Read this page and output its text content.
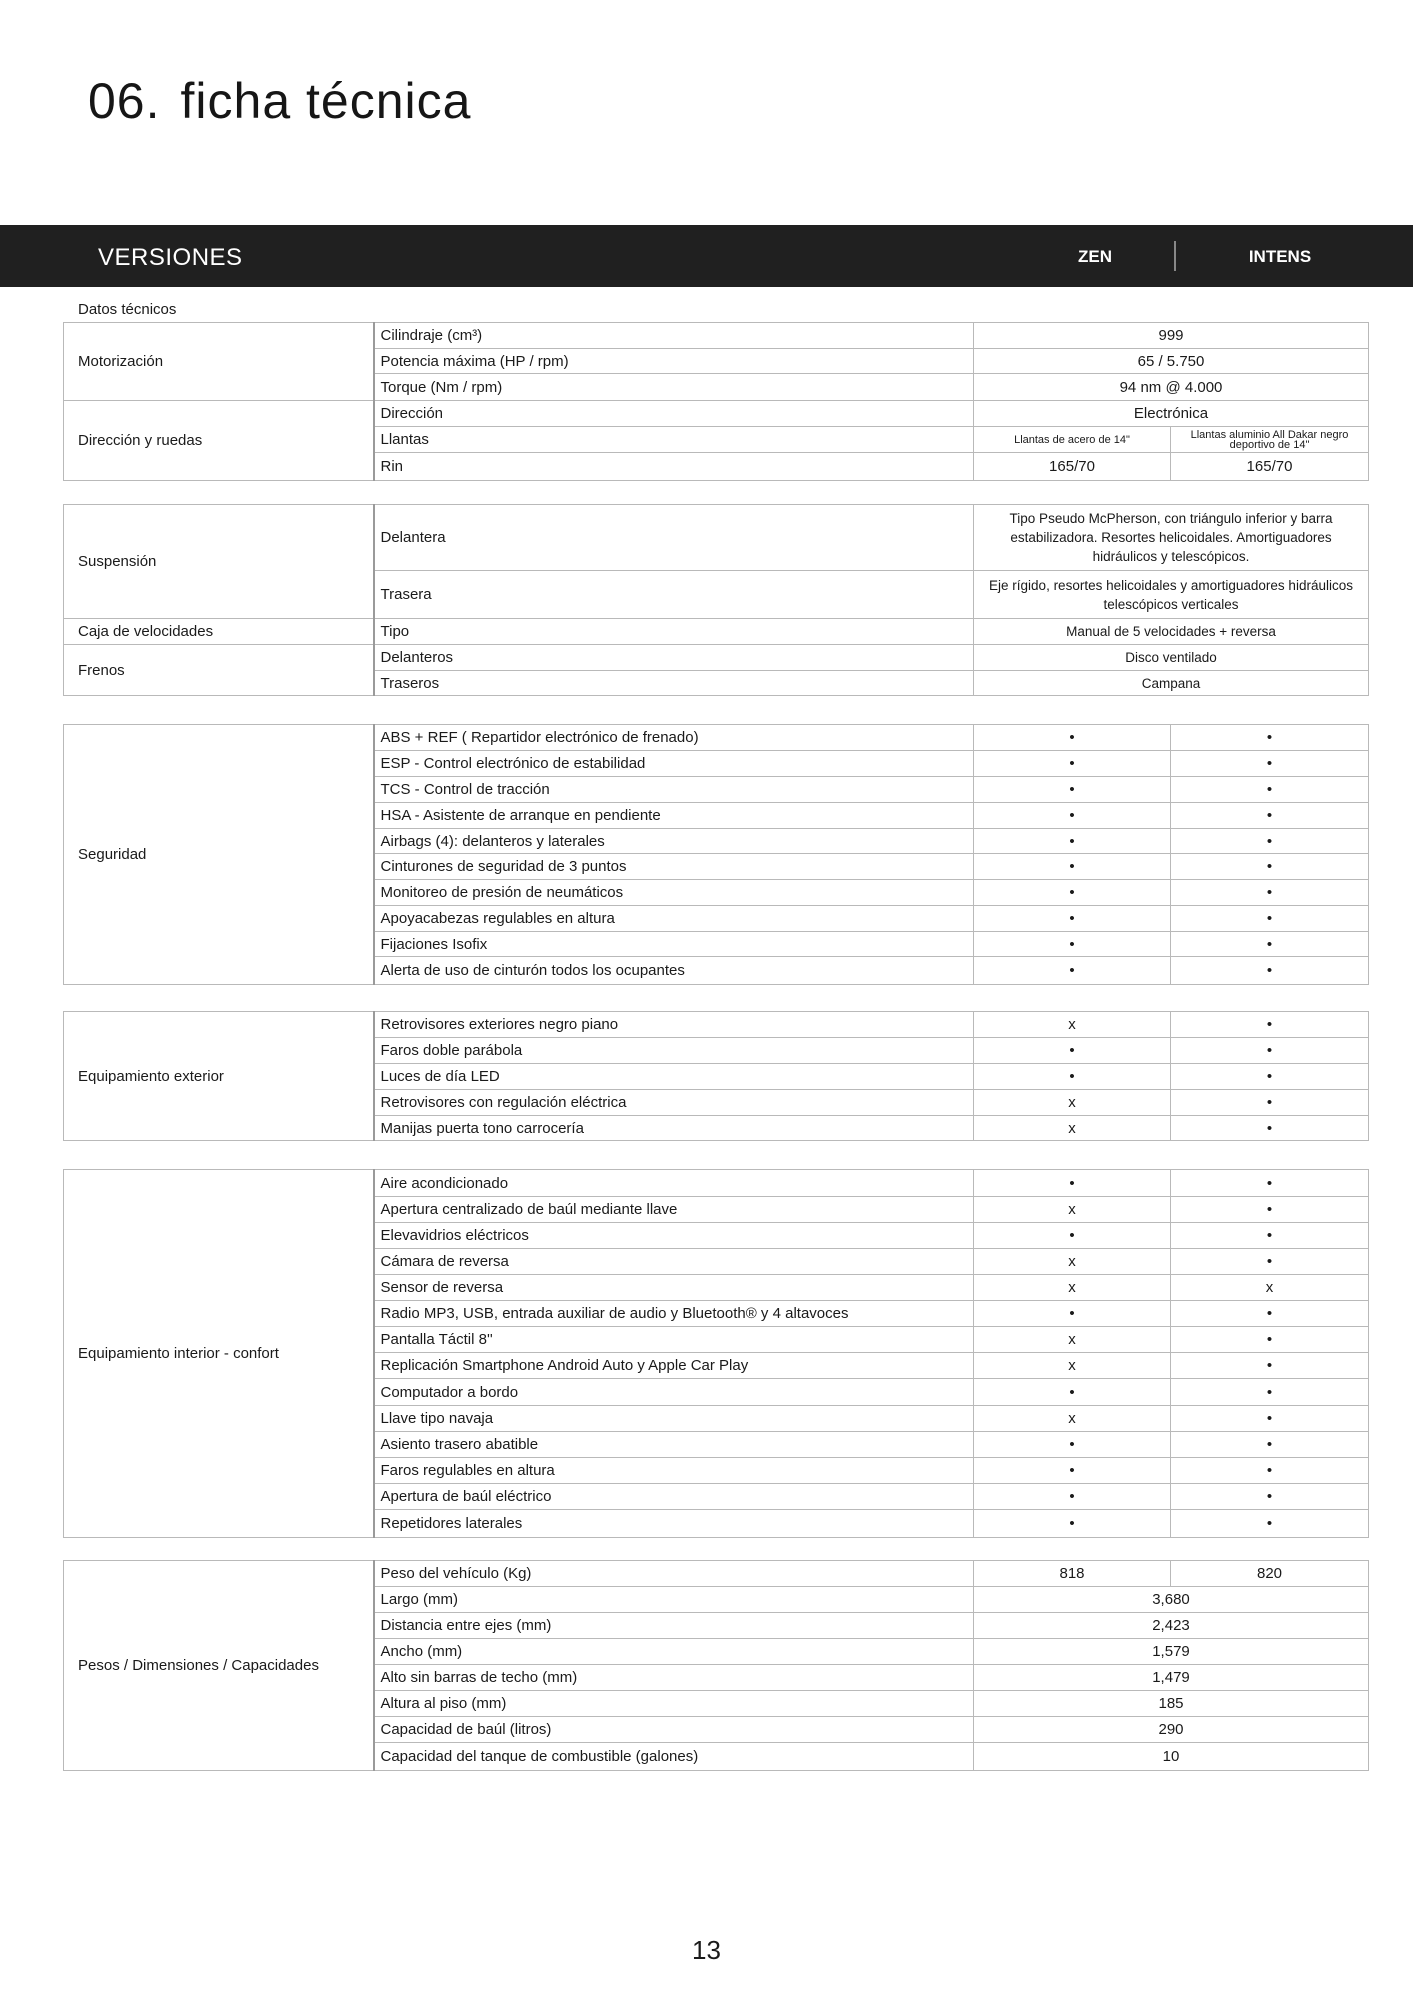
06. ficha técnica
VERSIONES	ZEN	INTENS
Datos técnicos
Motorización	Cilindraje (cm³)	999	
	Potencia máxima (HP / rpm)	65 / 5.750	
	Torque (Nm / rpm)	94 nm @ 4.000	
Dirección y ruedas	Dirección	Electrónica	
	Llantas	Llantas de acero de 14"	Llantas aluminio All Dakar negro deportivo de 14"
	Rin	165/70	165/70
Suspensión	Delantera	Tipo Pseudo McPherson, con triángulo inferior y barra estabilizadora. Resortes helicoidales. Amortiguadores hidráulicos y telescópicos.
	Trasera	Eje rígido, resortes helicoidales y amortiguadores hidráulicos telescópicos verticales
Caja de velocidades	Tipo	Manual de 5 velocidades + reversa
Frenos	Delanteros	Disco ventilado
	Traseros	Campana
Seguridad	ABS + REF ( Repartidor electrónico de frenado)	•	•
	ESP - Control electrónico de estabilidad	•	•
	TCS - Control de tracción	•	•
	HSA - Asistente de arranque en pendiente	•	•
	Airbags (4): delanteros y laterales	•	•
	Cinturones de seguridad de 3 puntos	•	•
	Monitoreo de presión de neumáticos	•	•
	Apoyacabezas regulables en altura	•	•
	Fijaciones Isofix	•	•
	Alerta de uso de cinturón todos los ocupantes	•	•
Equipamiento exterior	Retrovisores exteriores negro piano	x	•
	Faros doble parábola	•	•
	Luces de día LED	•	•
	Retrovisores con regulación eléctrica	x	•
	Manijas puerta tono carrocería	x	•
Equipamiento interior - confort	Aire acondicionado	•	•
	Apertura centralizado de baúl mediante llave	x	•
	Elevavidrios eléctricos	•	•
	Cámara de reversa	x	•
	Sensor de reversa	x	x
	Radio MP3, USB, entrada auxiliar de audio y Bluetooth® y 4 altavoces	•	•
	Pantalla Táctil 8''	x	•
	Replicación Smartphone Android Auto y Apple Car Play	x	•
	Computador a bordo	•	•
	Llave tipo navaja	x	•
	Asiento trasero abatible	•	•
	Faros regulables en altura	•	•
	Apertura de baúl eléctrico	•	•
	Repetidores laterales	•	•
Pesos / Dimensiones / Capacidades	Peso del vehículo (Kg)	818	820
	Largo (mm)	3,680	
	Distancia entre ejes (mm)	2,423	
	Ancho (mm)	1,579	
	Alto sin barras de techo (mm)	1,479	
	Altura al piso (mm)	185	
	Capacidad de baúl (litros)	290	
	Capacidad del tanque de combustible (galones)	10	
13
